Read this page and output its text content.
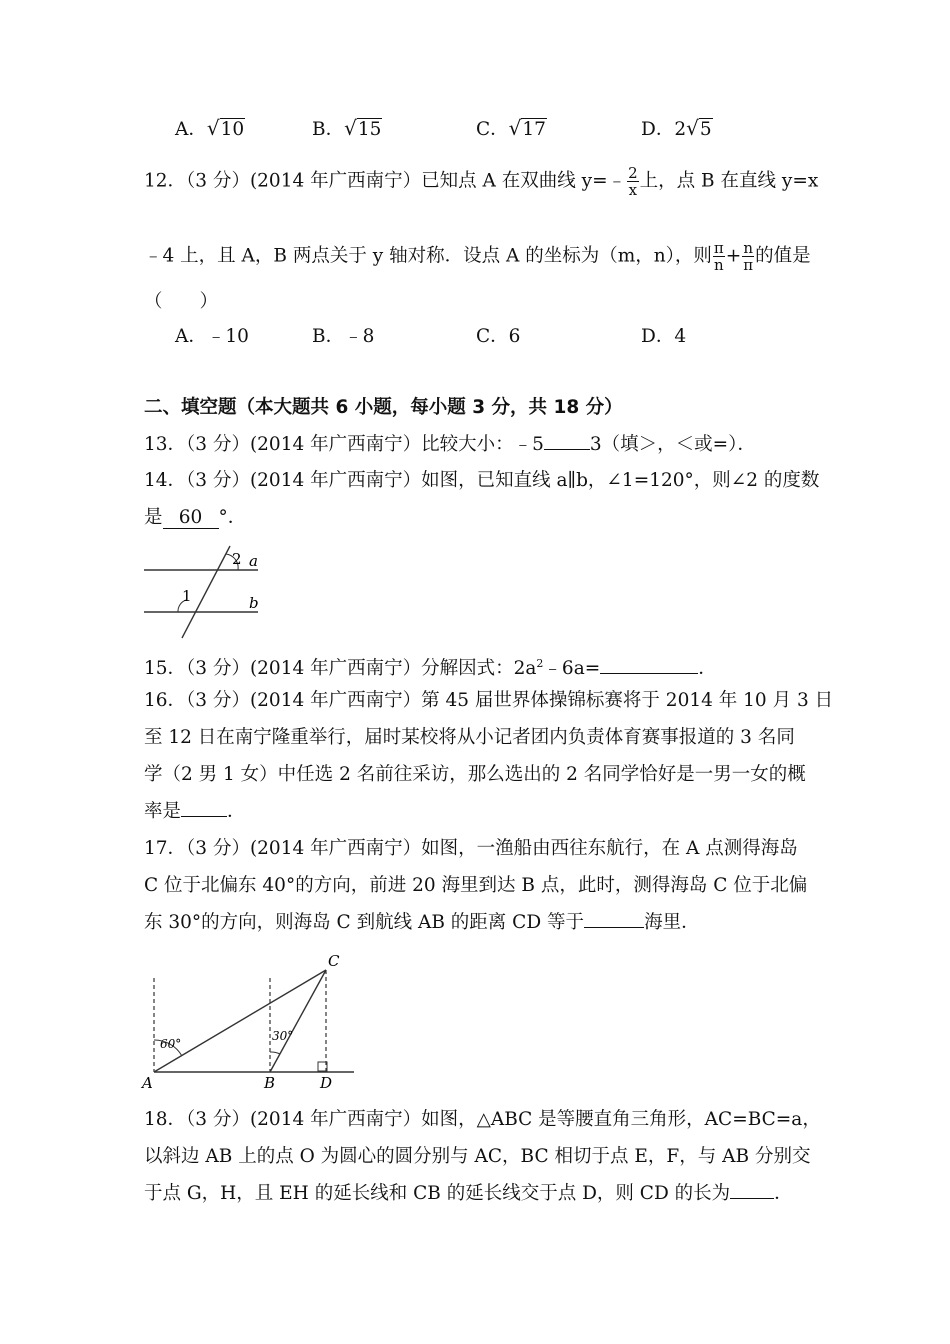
A．√10	B．√15	C．√17	D．2√5
12．（3 分）(2014 年广西南宁）已知点 A 在双曲线 y=﹣ $\frac{2}{x}$ 上，点 B 在直线 y=x
﹣4 上，且 A，B 两点关于 y 轴对称．设点 A 的坐标为（m，n），则 $\frac{\pi}{n} + \frac{n}{\pi}$ 的值是
（　　）
A．﹣10	B．﹣8	C．6	D．4
二、填空题（本大题共 6 小题，每小题 3 分，共 18 分）
13．（3 分）(2014 年广西南宁）比较大小：﹣5 3（填＞，＜或=）．
14．（3 分）(2014 年广西南宁）如图，已知直线 a∥b，∠1=120°，则∠2 的度数
是 60 °．
2
1
a
b
15．（3 分）(2014 年广西南宁）分解因式：$2a^2﹣6a=$	．
16．（3 分）(2014 年广西南宁）第 45 届世界体操锦标赛将于 2014 年 10 月 3 日
至 12 日在南宁隆重举行，届时某校将从小记者团内负责体育赛事报道的 3 名同
学（2 男 1 女）中任选 2 名前往采访，那么选出的 2 名同学恰好是一男一女的概
率是 ．
17．（3 分）(2014 年广西南宁）如图，一渔船由西往东航行，在 A 点测得海岛
C 位于北偏东 40°的方向，前进 20 海里到达 B 点，此时，测得海岛 C 位于北偏
东 30°的方向，则海岛 C 到航线 AB 的距离 CD 等于	海里．
60°
30°
A	B
C
D
18．（3 分）(2014 年广西南宁）如图，△ABC 是等腰直角三角形，AC=BC=a，
以斜边 AB 上的点 O 为圆心的圆分别与 AC，BC 相切于点 E，F，与 AB 分别交
于点 G，H，且 EH 的延长线和 CB 的延长线交于点 D，则 CD 的长为 ．
